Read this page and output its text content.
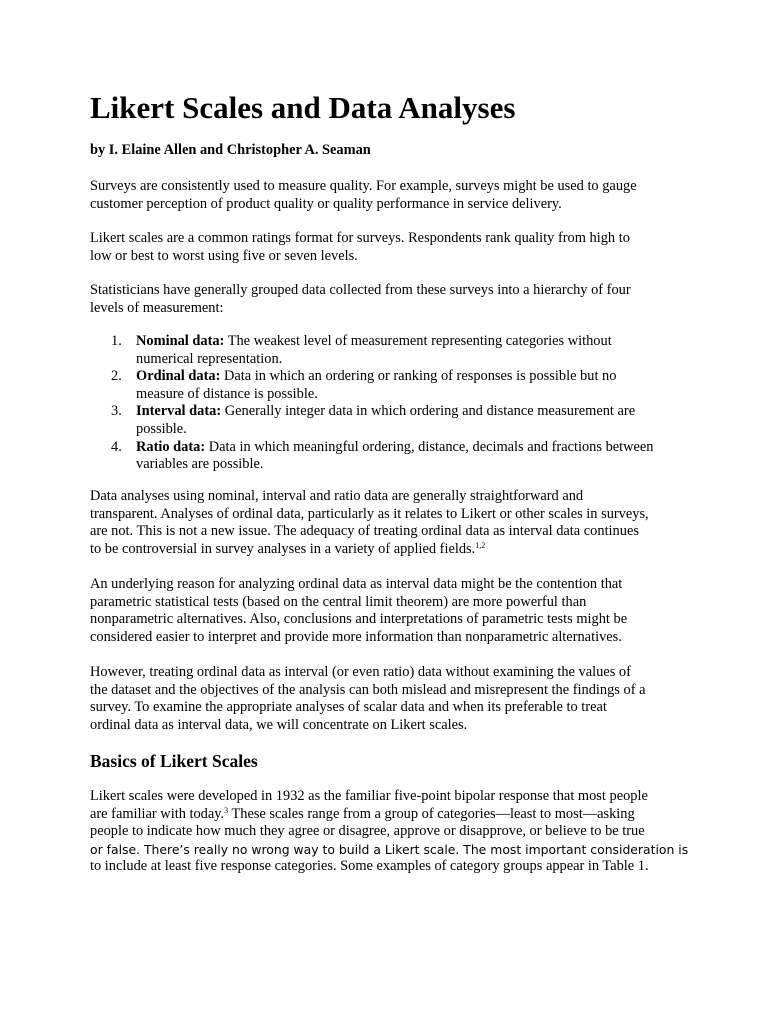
Likert Scales and Data Analyses
by I. Elaine Allen and Christopher A. Seaman

Surveys are consistently used to measure quality. For example, surveys might be used to gauge
customer perception of product quality or quality performance in service delivery.

Likert scales are a common ratings format for surveys. Respondents rank quality from high to
low or best to worst using five or seven levels.

Statisticians have generally grouped data collected from these surveys into a hierarchy of four
levels of measurement:

1. Nominal data: The weakest level of measurement representing categories without
numerical representation.
2. Ordinal data: Data in which an ordering or ranking of responses is possible but no
measure of distance is possible.
3. Interval data: Generally integer data in which ordering and distance measurement are
possible.
4. Ratio data: Data in which meaningful ordering, distance, decimals and fractions between
variables are possible.

Data analyses using nominal, interval and ratio data are generally straightforward and
transparent. Analyses of ordinal data, particularly as it relates to Likert or other scales in surveys,
are not. This is not a new issue. The adequacy of treating ordinal data as interval data continues
to be controversial in survey analyses in a variety of applied fields.$^{1,2}$

An underlying reason for analyzing ordinal data as interval data might be the contention that
parametric statistical tests (based on the central limit theorem) are more powerful than
nonparametric alternatives. Also, conclusions and interpretations of parametric tests might be
considered easier to interpret and provide more information than nonparametric alternatives.

However, treating ordinal data as interval (or even ratio) data without examining the values of
the dataset and the objectives of the analysis can both mislead and misrepresent the findings of a
survey. To examine the appropriate analyses of scalar data and when its preferable to treat
ordinal data as interval data, we will concentrate on Likert scales.

Basics of Likert Scales

Likert scales were developed in 1932 as the familiar five-point bipolar response that most people
are familiar with today.$^3$ These scales range from a group of categories—least to most—asking
people to indicate how much they agree or disagree, approve or disapprove, or believe to be true
or false. There’s really no wrong way to build a Likert scale. The most important consideration is
to include at least five response categories. Some examples of category groups appear in Table 1.
